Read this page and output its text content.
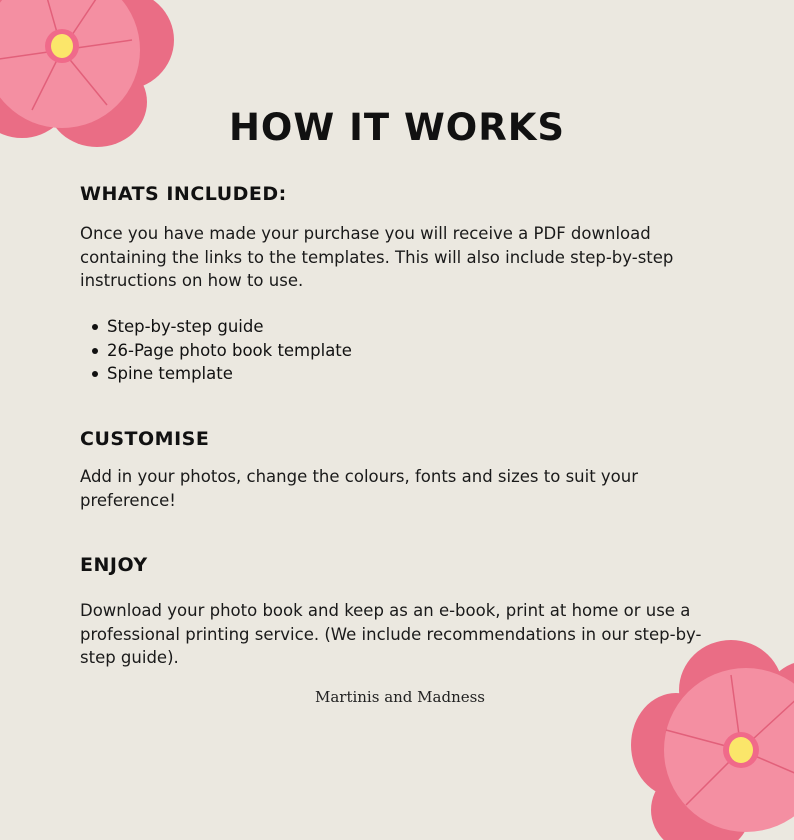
HOW IT WORKS
WHATS INCLUDED:
Once you have made your purchase you will receive a PDF download containing the links to the templates. This will also include step-by-step instructions on how to use.
Step-by-step guide
26-Page photo book template
Spine template
CUSTOMISE
Add in your photos, change the colours, fonts and sizes to suit your preference!
ENJOY
Download your photo book and keep as an e-book, print at home or use a professional printing service. (We include recommendations in our step-by-step guide).
Martinis and Madness
